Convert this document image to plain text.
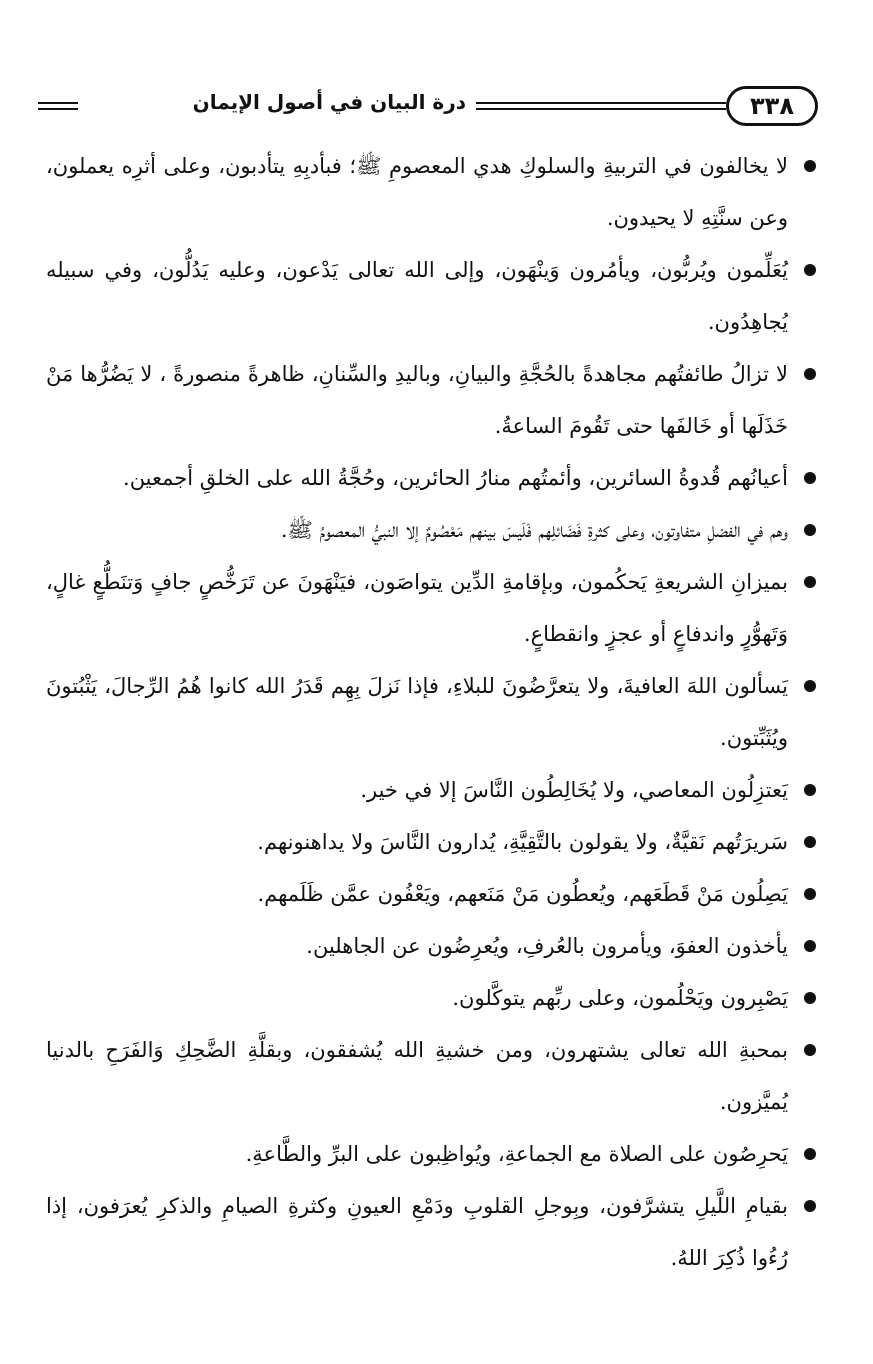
٣٣٨
درة البيان في أصول الإيمان

لا يخالفون في التربيةِ والسلوكِ هدي المعصومِ ﷺ؛ فبأدبِهِ يتأدبون، وعلى أثرِه يعملون، وعن سنَّتِهِ لا يحيدون.

يُعَلِّمون ويُربُّون، ويأمُرون وَينْهَون، وإلى الله تعالى يَدْعون، وعليه يَدُلُّون، وفي سبيله يُجاهِدُون.

لا تزالُ طائفتُهم مجاهدةً بالحُجَّةِ والبيانِ، وباليدِ والسِّنانِ، ظاهرةً منصورةً ، لا يَضُرُّها مَنْ خَذَلَها أو خَالفَها حتى تَقُومَ الساعةُ.

أعيانُهم قُدوةُ السائرين، وأئمتُهم منارُ الحائرين، وحُجَّةُ الله على الخلقِ أجمعين.

وهم في الفضلِ متفاوتون، وعلى كثرةِ فَضَائلِهم فَلَيسَ بينهم مَعْصُومٌ إلا النبيُّ المعصومُ ﷺ.

بميزانِ الشريعةِ يَحكُمون، وبإقامةِ الدِّين يتواصَون، فيَنْهَونَ عن تَرَخُّصٍ جافٍ وَتنَطُّعٍ غالٍ، وَتَهوُّرٍ واندفاعٍ أو عجزٍ وانقطاعٍ.

يَسألون اللهَ العافيةَ، ولا يتعرَّضُونَ للبلاءِ، فإذا نَزلَ بِهِم قَدَرُ الله كانوا هُمُ الرِّجالَ، يَثْبُتونَ ويُثَبِّتون.

يَعتزِلُون المعاصي، ولا يُخَالِطُون النَّاسَ إلا في خير.

سَريرَتُهم نَقيَّةٌ، ولا يقولون بالتَّقِيَّةِ، يُدارون النَّاسَ ولا يداهنونهم.

يَصِلُون مَنْ قَطَعَهم، ويُعطُون مَنْ مَنَعهم، ويَعْفُون عمَّن ظَلَمهم.

يأخذون العفوَ، ويأمرون بالعُرفِ، ويُعرِضُون عن الجاهلين.

يَصْبِرون ويَحْلُمون، وعلى ربِّهم يتوكَّلون.

بمحبةِ الله تعالى يشتهرون، ومن خشيةِ الله يُشفقون، وبقلَّةِ الضَّحِكِ وَالفَرَحِ بالدنيا يُميَّزون.

يَحرِصُون على الصلاة مع الجماعةِ، ويُواظِبون على البرِّ والطَّاعةِ.

بقيامِ اللَّيلِ يتشرَّفون، وبِوجلِ القلوبِ ودَمْعِ العيونِ وكثرةِ الصيامِ والذكرِ يُعرَفون، إذا رُءُوا ذُكِرَ اللهُ.
